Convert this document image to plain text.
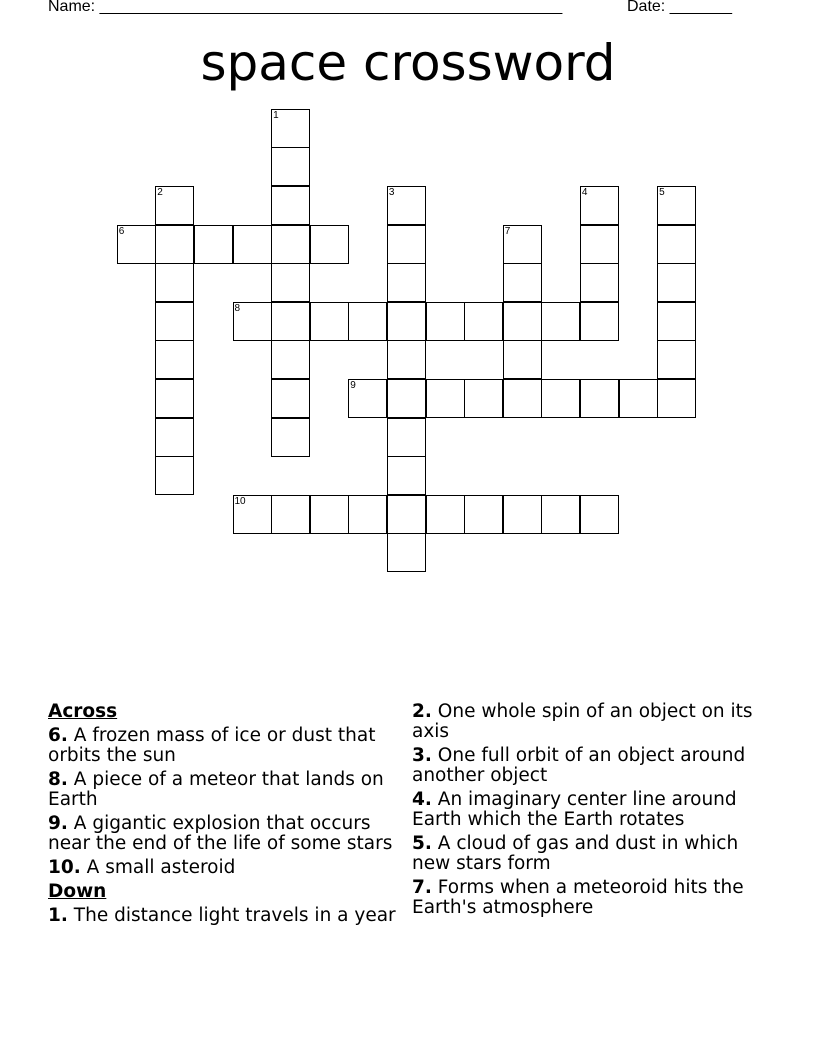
Name: ____________________________________________________	Date: _______
space crossword
6
8
9
10
1
2	3	4	5
7
Across
6. A frozen mass of ice or dust that orbits the sun
8. A piece of a meteor that lands on Earth
9. A gigantic explosion that occurs near the end of the life of some stars
10. A small asteroid
Down
1. The distance light travels in a year
2. One whole spin of an object on its axis
3. One full orbit of an object around another object
4. An imaginary center line around Earth which the Earth rotates
5. A cloud of gas and dust in which new stars form
7. Forms when a meteoroid hits the Earth's atmosphere
